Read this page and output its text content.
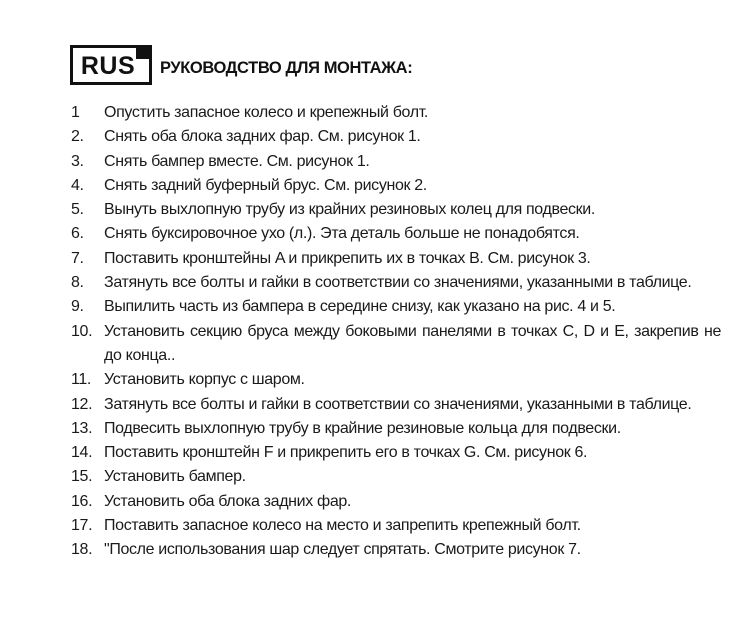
RUS РУКОВОДСТВО ДЛЯ МОНТАЖА:
1	Опустить запасное колесо и крепежный болт.
2.	Снять оба блока задних фар. См. рисунок 1.
3.	Снять бампер вместе. См. рисунок 1.
4.	Снять задний буферный брус. См. рисунок 2.
5.	Вынуть выхлопную трубу из крайних резиновых колец для подвески.
6.	Снять буксировочное ухо (л.). Эта деталь больше не понадобятся.
7.	Поставить кронштейны A и прикрепить их в точках B. См. рисунок 3.
8.	Затянуть все болты и гайки в соответствии со значениями, указанными в таблице.
9.	Выпилить часть из бампера в середине снизу, как указано на рис. 4 и 5.
10. Установить секцию бруса между боковыми панелями в точках C, D и E, закрепив не до конца..
11. Установить корпус с шаром.
12. Затянуть все болты и гайки в соответствии со значениями, указанными в таблице.
13. Подвесить выхлопную трубу в крайние резиновые кольца для подвески.
14. Поставить кронштейн F и прикрепить его в точках G. См. рисунок 6.
15. Установить бампер.
16. Установить оба блока задних фар.
17. Поставить запасное колесо на место и запрепить крепежный болт.
18. "После использования шар следует спрятать. Смотрите рисунок 7.
